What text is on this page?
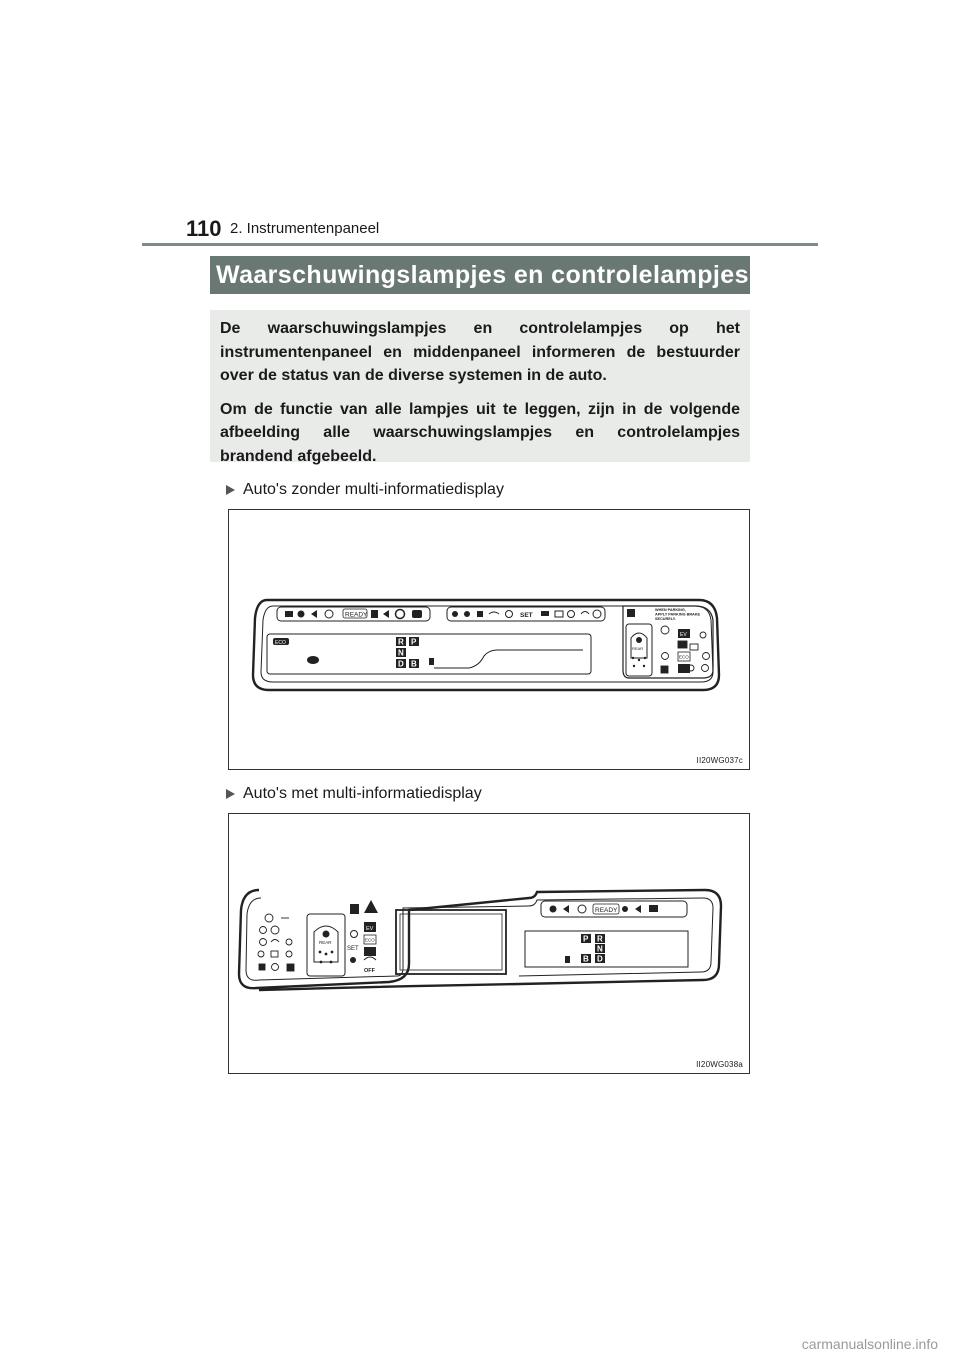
110 2. Instrumentenpaneel
Waarschuwingslampjes en controlelampjes

De waarschuwingslampjes en controlelampjes op het instrumentenpaneel en middenpaneel informeren de bestuurder over de status van de diverse systemen in de auto.

Om de functie van alle lampjes uit te leggen, zijn in de volgende afbeelding alle waarschuwingslampjes en controlelampjes brandend afgebeeld.

Auto's zonder multi-informatiedisplay
READY	SET
ECO	R P
N
D B
REAR
WHEN PARKING,
APPLY PARKING BRAKE
SECURELY.
EV
ECO
II20WG037c
Auto's met multi-informatiedisplay
REAR
EV
ECO
SET
OFF
READY
P R
N
B D
II20WG038a
carmanualsonline.info
